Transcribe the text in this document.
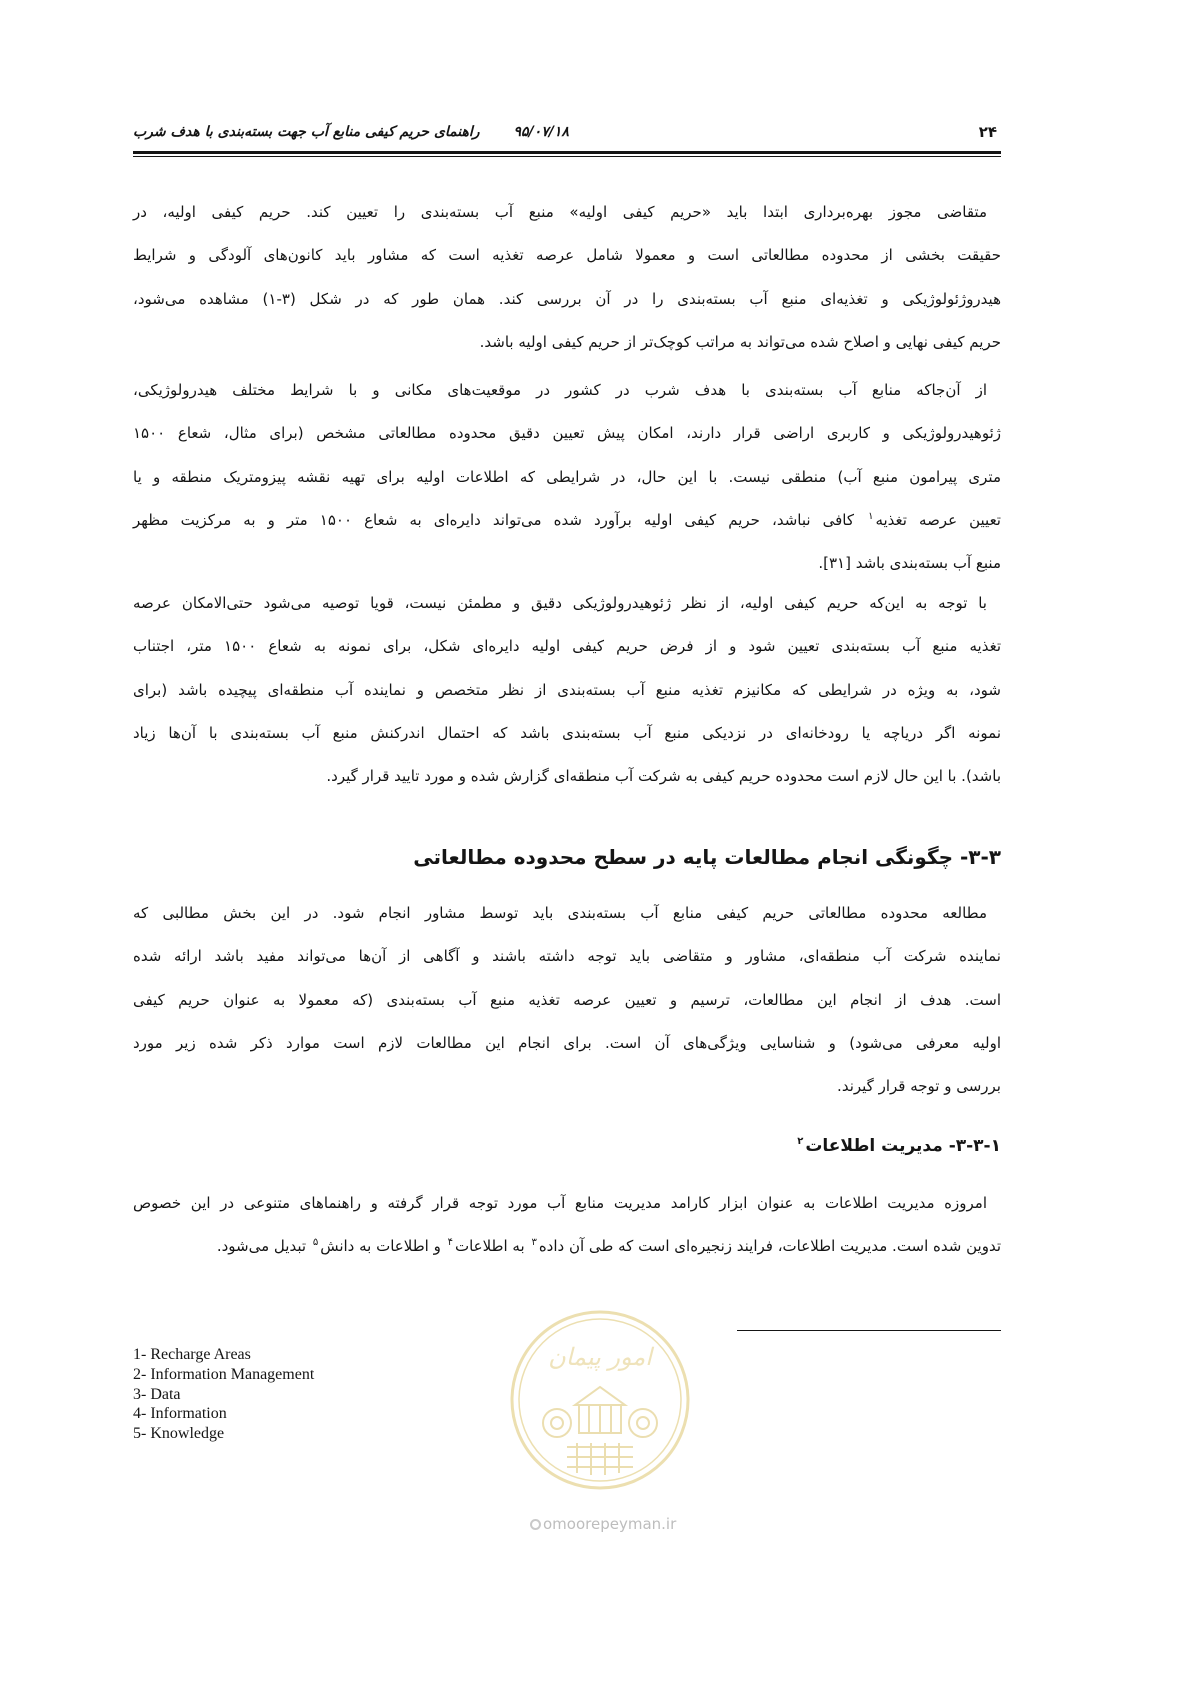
۲۴
۹۵/۰۷/۱۸راهنمای حریم کیفی منابع آب جهت بسته‌بندی با هدف شرب
متقاضی مجوز بهره‌برداری ابتدا باید «حریم کیفی اولیه» منبع آب بسته‌بندی را تعیین کند. حریم کیفی اولیه، در
حقیقت بخشی از محدوده مطالعاتی است و معمولا شامل عرصه تغذیه است که مشاور باید کانون‌های آلودگی و شرایط
هیدروژئولوژیکی و تغذیه‌ای منبع آب بسته‌بندی را در آن بررسی کند. همان طور که در شکل (۳-۱) مشاهده می‌شود،
حریم کیفی نهایی و اصلاح شده می‌تواند به مراتب کوچک‌تر از حریم کیفی اولیه باشد.
از آن‌جاکه منابع آب بسته‌بندی با هدف شرب در کشور در موقعیت‌های مکانی و با شرایط مختلف هیدرولوژیکی،
ژئوهیدرولوژیکی و کاربری اراضی قرار دارند، امکان پیش تعیین دقیق محدوده مطالعاتی مشخص (برای مثال، شعاع ۱۵۰۰
متری پیرامون منبع آب) منطقی نیست. با این حال، در شرایطی که اطلاعات اولیه برای تهیه نقشه پیزومتریک منطقه و یا
تعیین عرصه تغذیه$^۱$ کافی نباشد، حریم کیفی اولیه برآورد شده می‌تواند دایره‌ای به شعاع ۱۵۰۰ متر و به مرکزیت مظهر
منبع آب بسته‌بندی باشد [۳۱].
با توجه به این‌که حریم کیفی اولیه، از نظر ژئوهیدرولوژیکی دقیق و مطمئن نیست، قویا توصیه می‌شود حتی‌الامکان عرصه
تغذیه منبع آب بسته‌بندی تعیین شود و از فرض حریم کیفی اولیه دایره‌ای شکل، برای نمونه به شعاع ۱۵۰۰ متر، اجتناب
شود، به ویژه در شرایطی که مکانیزم تغذیه منبع آب بسته‌بندی از نظر متخصص و نماینده آب منطقه‌ای پیچیده باشد (برای
نمونه اگر دریاچه یا رودخانه‌ای در نزدیکی منبع آب بسته‌بندی باشد که احتمال اندرکنش منبع آب بسته‌بندی با آن‌ها زیاد
باشد). با این حال لازم است محدوده حریم کیفی به شرکت آب منطقه‌ای گزارش شده و مورد تایید قرار گیرد.
۳-۳- چگونگی انجام مطالعات پایه در سطح محدوده مطالعاتی
مطالعه محدوده مطالعاتی حریم کیفی منابع آب بسته‌بندی باید توسط مشاور انجام شود. در این بخش مطالبی که
نماینده شرکت آب منطقه‌ای، مشاور و متقاضی باید توجه داشته باشند و آگاهی از آن‌ها می‌تواند مفید باشد ارائه شده
است. هدف از انجام این مطالعات، ترسیم و تعیین عرصه تغذیه منبع آب بسته‌بندی (که معمولا به عنوان حریم کیفی
اولیه معرفی می‌شود) و شناسایی ویژگی‌های آن است. برای انجام این مطالعات لازم است موارد ذکر شده زیر مورد
بررسی و توجه قرار گیرند.
۳-۳-۱- مدیریت اطلاعات$^۲$
امروزه مدیریت اطلاعات به عنوان ابزار کارامد مدیریت منابع آب مورد توجه قرار گرفته و راهنماهای متنوعی در این خصوص
تدوین شده است. مدیریت اطلاعات، فرایند زنجیره‌ای است که طی آن داده$^۳$ به اطلاعات$^۴$ و اطلاعات به دانش$^۵$ تبدیل می‌شود.
1- Recharge Areas
2- Information Management
3- Data
4- Information
5- Knowledge
امور پیمان
omoorepeyman.ir
